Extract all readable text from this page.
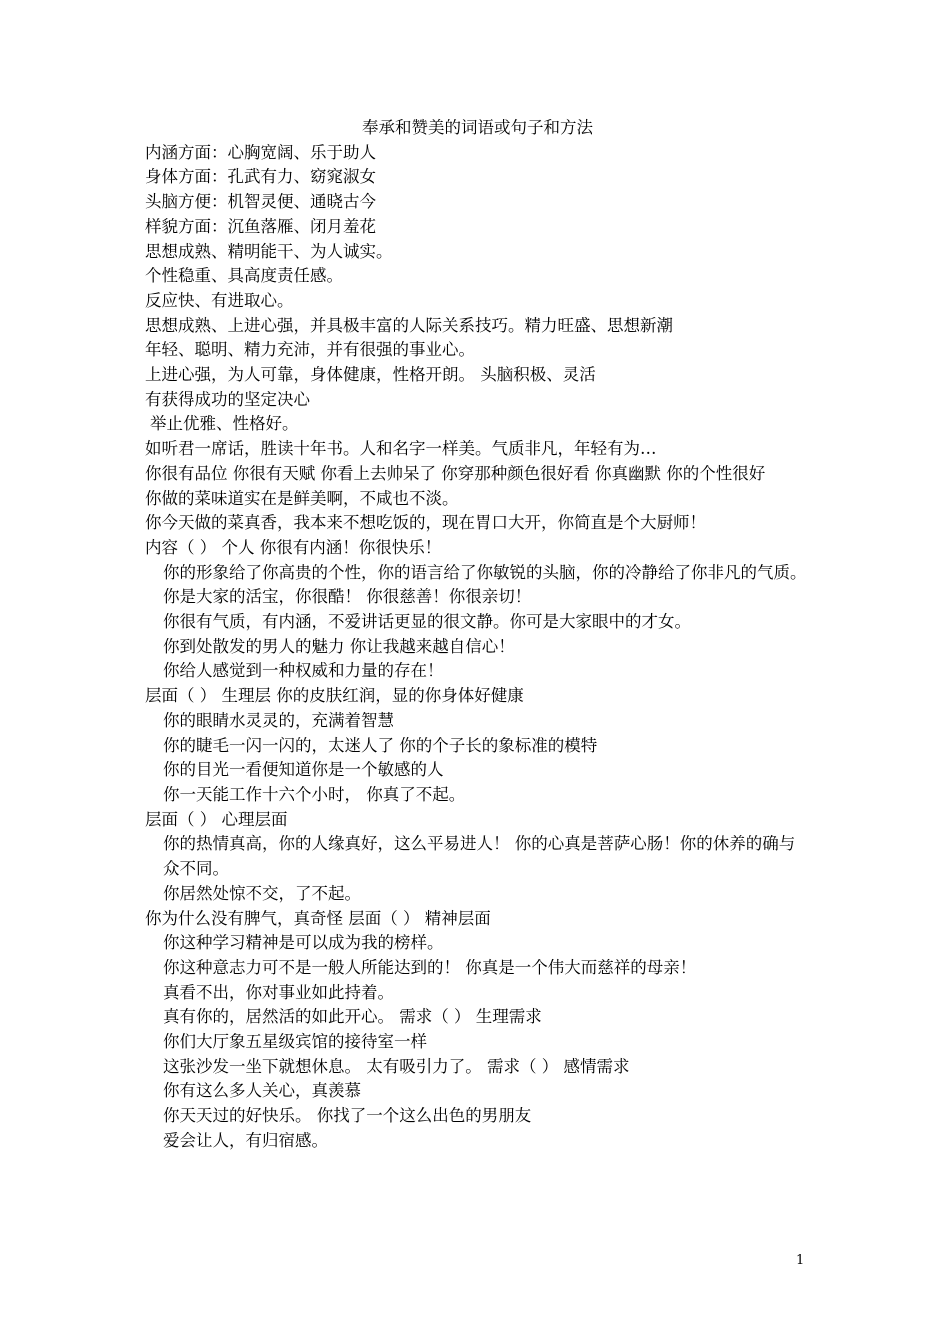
奉承和赞美的词语或句子和方法

内涵方面：心胸宽阔、乐于助人

身体方面：孔武有力、窈窕淑女

头脑方便：机智灵便、通晓古今

样貌方面：沉鱼落雁、闭月羞花

思想成熟、精明能干、为人诚实。

个性稳重、具高度责任感。

反应快、有进取心。

思想成熟、上进心强，并具极丰富的人际关系技巧。精力旺盛、思想新潮

年轻、聪明、精力充沛，并有很强的事业心。

上进心强，为人可靠，身体健康，性格开朗。 头脑积极、灵活

有获得成功的坚定决心

举止优雅、性格好。

如听君一席话，胜读十年书。人和名字一样美。气质非凡，年轻有为…

你很有品位 你很有天赋 你看上去帅呆了 你穿那种颜色很好看 你真幽默 你的个性很好

你做的菜味道实在是鲜美啊，不咸也不淡。

你今天做的菜真香，我本来不想吃饭的，现在胃口大开，你简直是个大厨师！

内容（ ） 个人 你很有内涵！你很快乐！

你的形象给了你高贵的个性，你的语言给了你敏锐的头脑，你的冷静给了你非凡的气质。

你是大家的活宝，你很酷！ 你很慈善！你很亲切！

你很有气质，有内涵，不爱讲话更显的很文静。你可是大家眼中的才女。

你到处散发的男人的魅力 你让我越来越自信心！

你给人感觉到一种权威和力量的存在！

层面（ ） 生理层 你的皮肤红润，显的你身体好健康

你的眼睛水灵灵的，充满着智慧

你的睫毛一闪一闪的，太迷人了 你的个子长的象标准的模特

你的目光一看便知道你是一个敏感的人

你一天能工作十六个小时， 你真了不起。

层面（ ） 心理层面

你的热情真高，你的人缘真好，这么平易进人！ 你的心真是菩萨心肠！你的休养的确与众不同。

你居然处惊不交，了不起。

你为什么没有脾气，真奇怪 层面（ ） 精神层面

你这种学习精神是可以成为我的榜样。

你这种意志力可不是一般人所能达到的！ 你真是一个伟大而慈祥的母亲！

真看不出，你对事业如此持着。

真有你的，居然活的如此开心。 需求（ ） 生理需求

你们大厅象五星级宾馆的接待室一样

这张沙发一坐下就想休息。 太有吸引力了。 需求（ ） 感情需求

你有这么多人关心，真羡慕

你天天过的好快乐。 你找了一个这么出色的男朋友

爱会让人，有归宿感。

1
